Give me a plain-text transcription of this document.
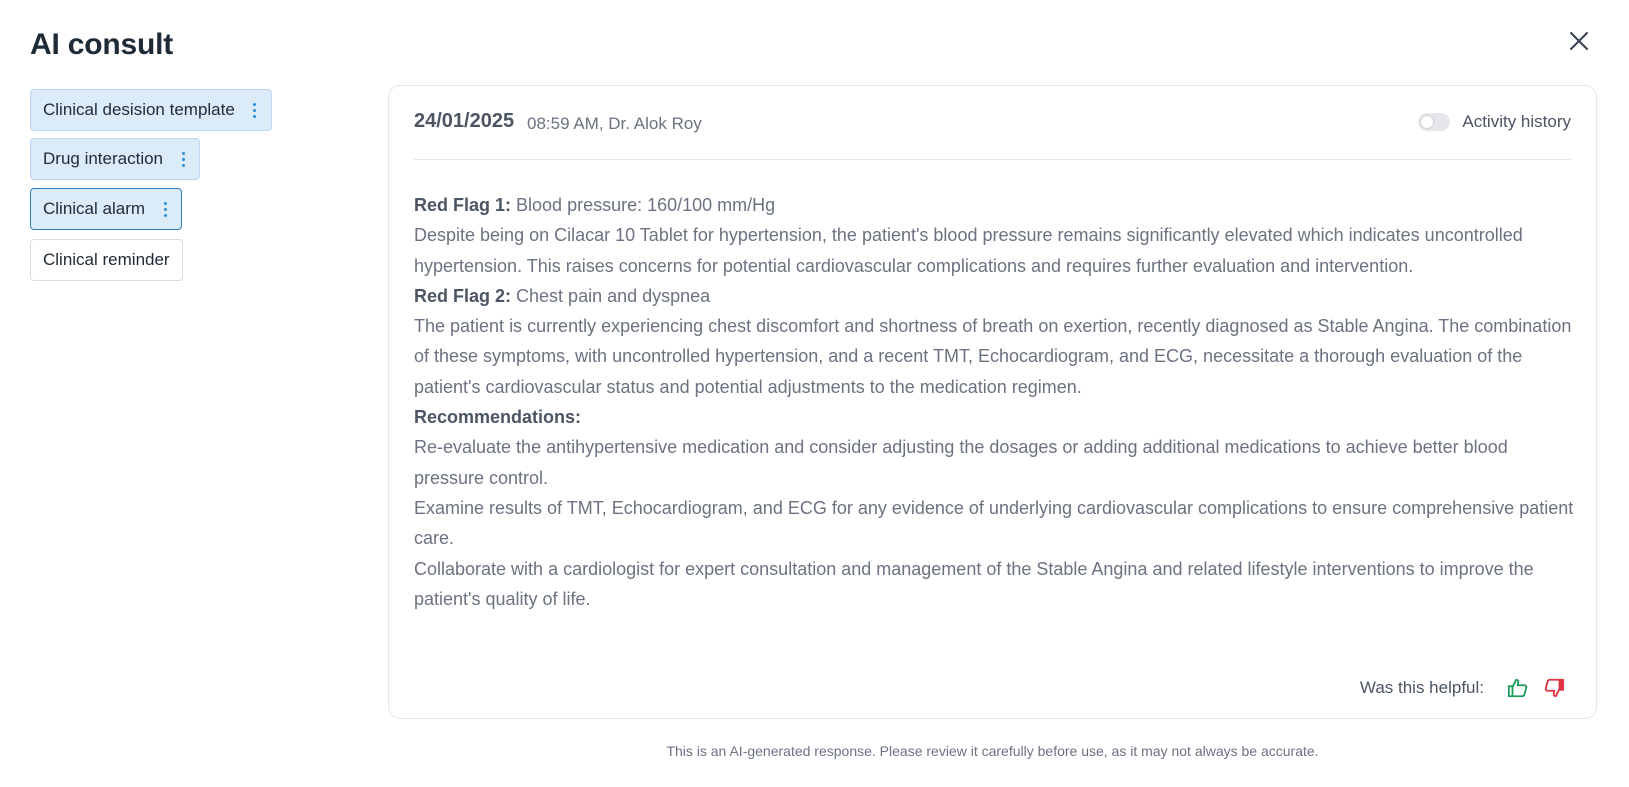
AI consult
Clinical desision template
Drug interaction
Clinical alarm
Clinical reminder
24/01/2025 08:59 AM, Dr. Alok Roy	Activity history

Red Flag 1: Blood pressure: 160/100 mm/Hg

Despite being on Cilacar 10 Tablet for hypertension, the patient's blood pressure remains significantly elevated which indicates uncontrolled hypertension. This raises concerns for potential cardiovascular complications and requires further evaluation and intervention.

Red Flag 2: Chest pain and dyspnea

The patient is currently experiencing chest discomfort and shortness of breath on exertion, recently diagnosed as Stable Angina. The combination of these symptoms, with uncontrolled hypertension, and a recent TMT, Echocardiogram, and ECG, necessitate a thorough evaluation of the patient's cardiovascular status and potential adjustments to the medication regimen.

Recommendations:

Re-evaluate the antihypertensive medication and consider adjusting the dosages or adding additional medications to achieve better blood pressure control.

Examine results of TMT, Echocardiogram, and ECG for any evidence of underlying cardiovascular complications to ensure comprehensive patient care.

Collaborate with a cardiologist for expert consultation and management of the Stable Angina and related lifestyle interventions to improve the patient's quality of life.

Was this helpful:
This is an AI-generated response. Please review it carefully before use, as it may not always be accurate.
